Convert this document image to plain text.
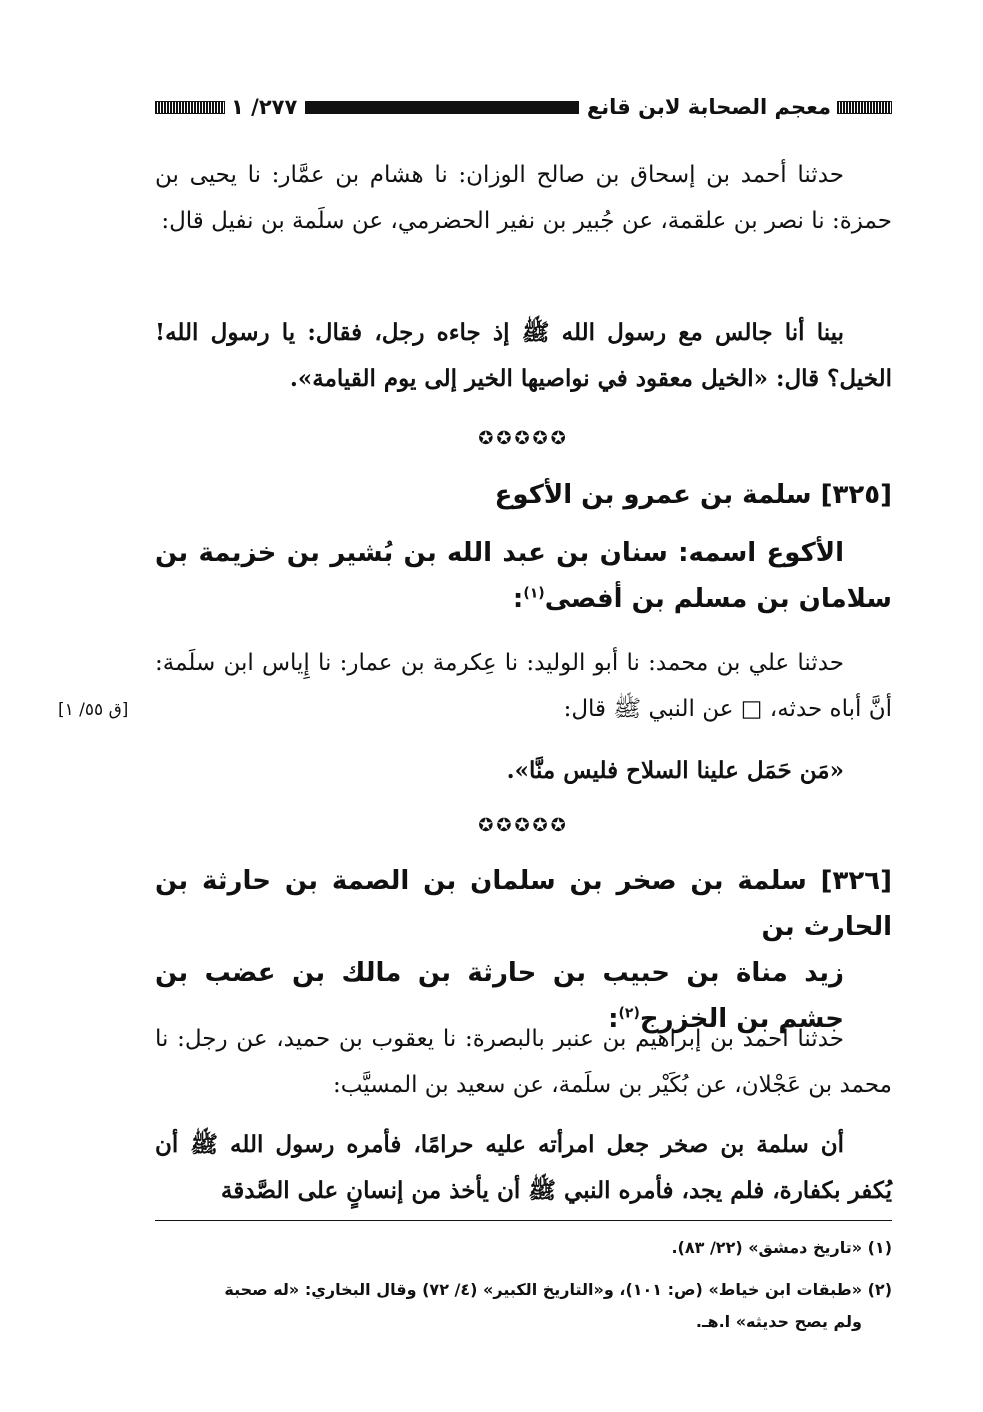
معجم الصحابة لابن قانع
٢٧٧/ ١
حدثنا أحمد بن إسحاق بن صالح الوزان: نا هشام بن عمَّار: نا يحيى بن حمزة: نا نصر بن علقمة، عن جُبير بن نفير الحضرمي، عن سلَمة بن نفيل قال:
بينا أنا جالس مع رسول الله ﷺ إذ جاءه رجل، فقال: يا رسول الله! الخيل؟ قال: «الخيل معقود في نواصيها الخير إلى يوم القيامة».
✪✪✪✪✪
[٣٢٥] سلمة بن عمرو بن الأكوع
الأكوع اسمه: سنان بن عبد الله بن بُشير بن خزيمة بن سلامان بن مسلم بن أفصى$^{(١)}$:
حدثنا علي بن محمد: نا أبو الوليد: نا عِكرمة بن عمار: نا إِياس ابن سلَمة: أنَّ أباه حدثه، □ عن النبي ﷺ قال:
[ق ٥٥/ ١]
«مَن حَمَل علينا السلاح فليس منَّا».
✪✪✪✪✪
[٣٢٦] سلمة بن صخر بن سلمان بن الصمة بن حارثة بن الحارث بن
زيد مناة بن حبيب بن حارثة بن مالك بن عضب بن جشم بن الخزرج$^{(٢)}$:
حدثنا أحمد بن إبراهيم بن عنبر بالبصرة: نا يعقوب بن حميد، عن رجل: نا محمد بن عَجْلان، عن بُكَيْر بن سلَمة، عن سعيد بن المسيَّب:
أن سلمة بن صخر جعل امرأته عليه حرامًا، فأمره رسول الله ﷺ أن يُكفر بكفارة، فلم يجد، فأمره النبي ﷺ أن يأخذ من إنسانٍ على الصَّدقة
(١) «تاريخ دمشق» (٢٢/ ٨٣).
(٢) «طبقات ابن خياط» (ص: ١٠١)، و«التاريخ الكبير» (٤/ ٧٢) وقال البخاري: «له صحبة
ولم يصح حديثه» ا.هـ.
